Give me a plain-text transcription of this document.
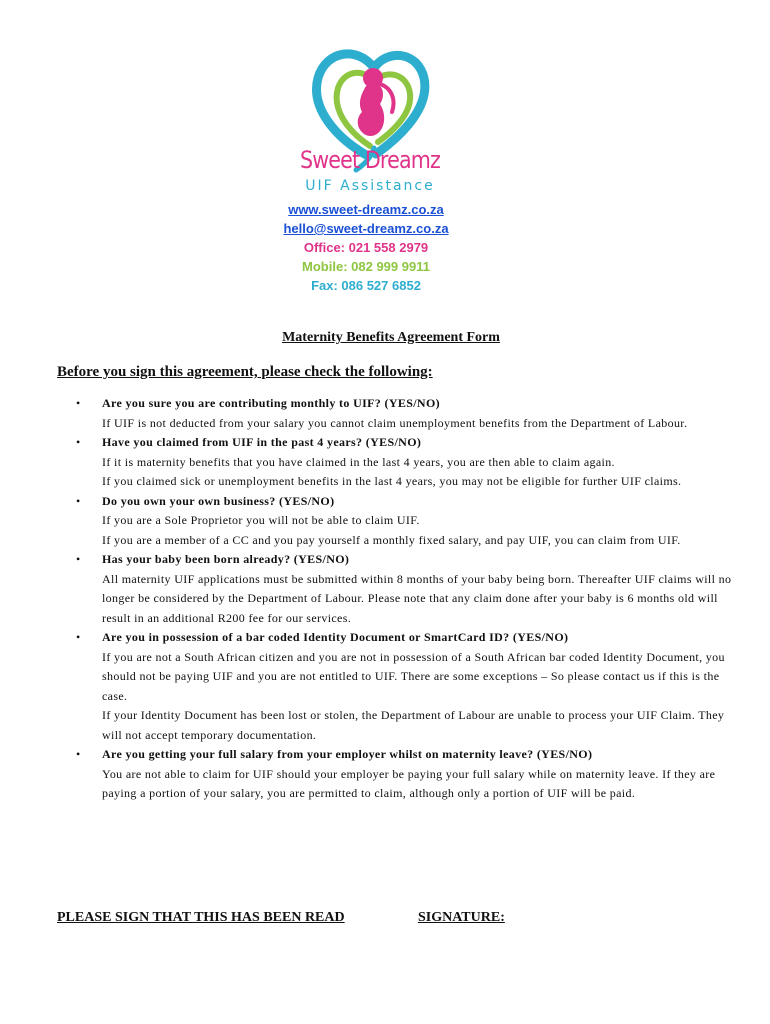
Sweet Dreamz
UIF Assistance
www.sweet-dreamz.co.za
hello@sweet-dreamz.co.za
Office: 021 558 2979
Mobile: 082 999 9911
Fax: 086 527 6852
Maternity Benefits Agreement Form
Before you sign this agreement, please check the following:
• Are you sure you are contributing monthly to UIF? (YES/NO)

If UIF is not deducted from your salary you cannot claim unemployment benefits from the Department of Labour.

• Have you claimed from UIF in the past 4 years? (YES/NO)

If it is maternity benefits that you have claimed in the last 4 years, you are then able to claim again.

If you claimed sick or unemployment benefits in the last 4 years, you may not be eligible for further UIF claims.

• Do you own your own business? (YES/NO)

If you are a Sole Proprietor you will not be able to claim UIF.

If you are a member of a CC and you pay yourself a monthly fixed salary, and pay UIF, you can claim from UIF.

• Has your baby been born already? (YES/NO)

All maternity UIF applications must be submitted within 8 months of your baby being born. Thereafter UIF claims will no longer be considered by the Department of Labour. Please note that any claim done after your baby is 6 months old will result in an additional R200 fee for our services.

• Are you in possession of a bar coded Identity Document or SmartCard ID? (YES/NO)

If you are not a South African citizen and you are not in possession of a South African bar coded Identity Document, you should not be paying UIF and you are not entitled to UIF. There are some exceptions – So please contact us if this is the case.

If your Identity Document has been lost or stolen, the Department of Labour are unable to process your UIF Claim. They will not accept temporary documentation.

• Are you getting your full salary from your employer whilst on maternity leave? (YES/NO)

You are not able to claim for UIF should your employer be paying your full salary while on maternity leave. If they are paying a portion of your salary, you are permitted to claim, although only a portion of UIF will be paid.

PLEASE SIGN THAT THIS HAS BEEN READ	SIGNATURE:
